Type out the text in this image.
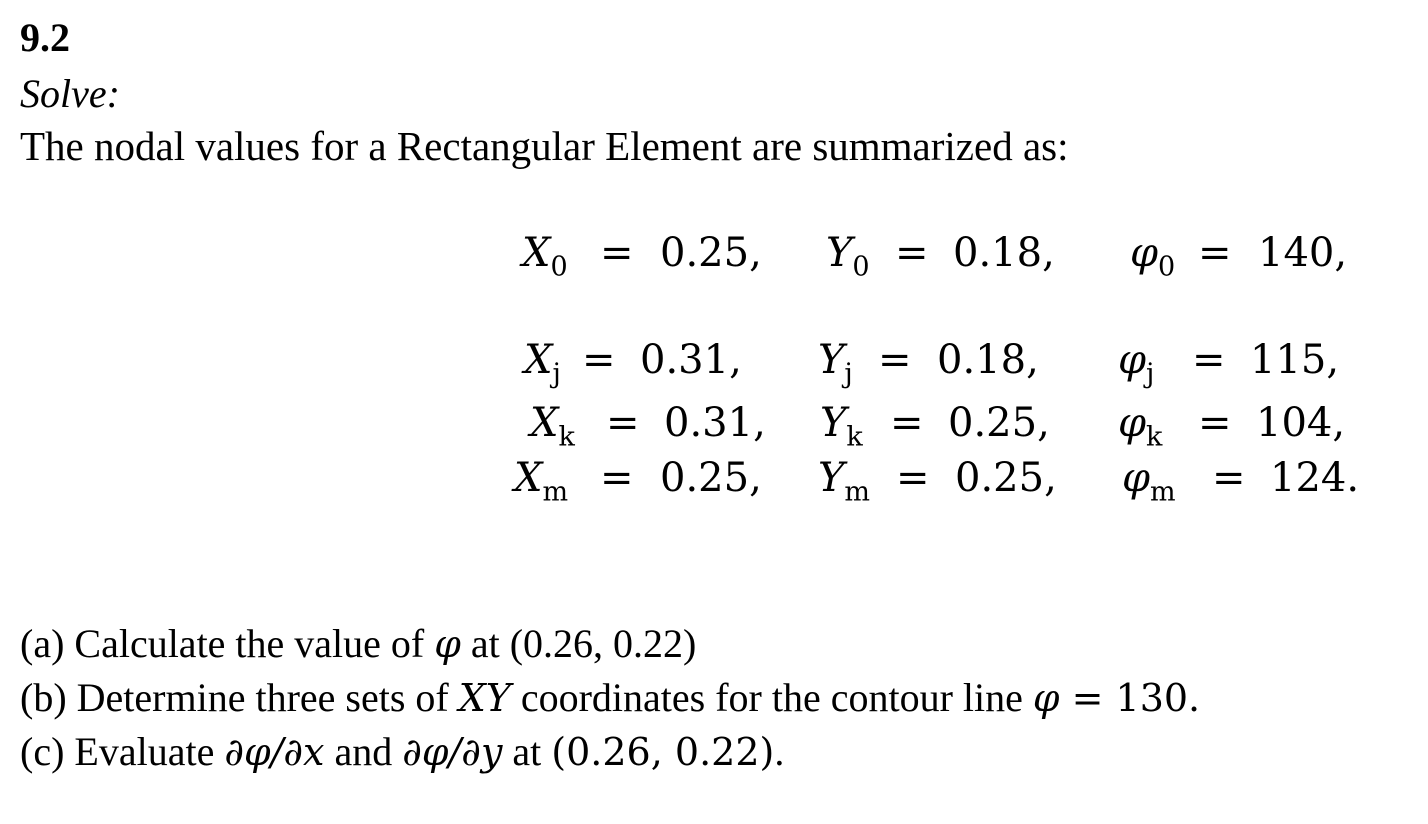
9.2
Solve:
The nodal values for a Rectangular Element are summarized as:
$X_0 = 0.25$, $Y_0 = 0.18$, $\varphi_0 = 140$,
$X_j = 0.31$, $Y_j = 0.18$, $\varphi_j = 115$,
$X_k = 0.31$, $Y_k = 0.25$, $\varphi_k = 104$,
$X_m = 0.25$, $Y_m = 0.25$, $\varphi_m = 124$.
(a) Calculate the value of φ at (0.26, 0.22)
(b) Determine three sets of XY coordinates for the contour line φ = 130.
(c) Evaluate ∂φ/∂x and ∂φ/∂y at (0.26, 0.22).
